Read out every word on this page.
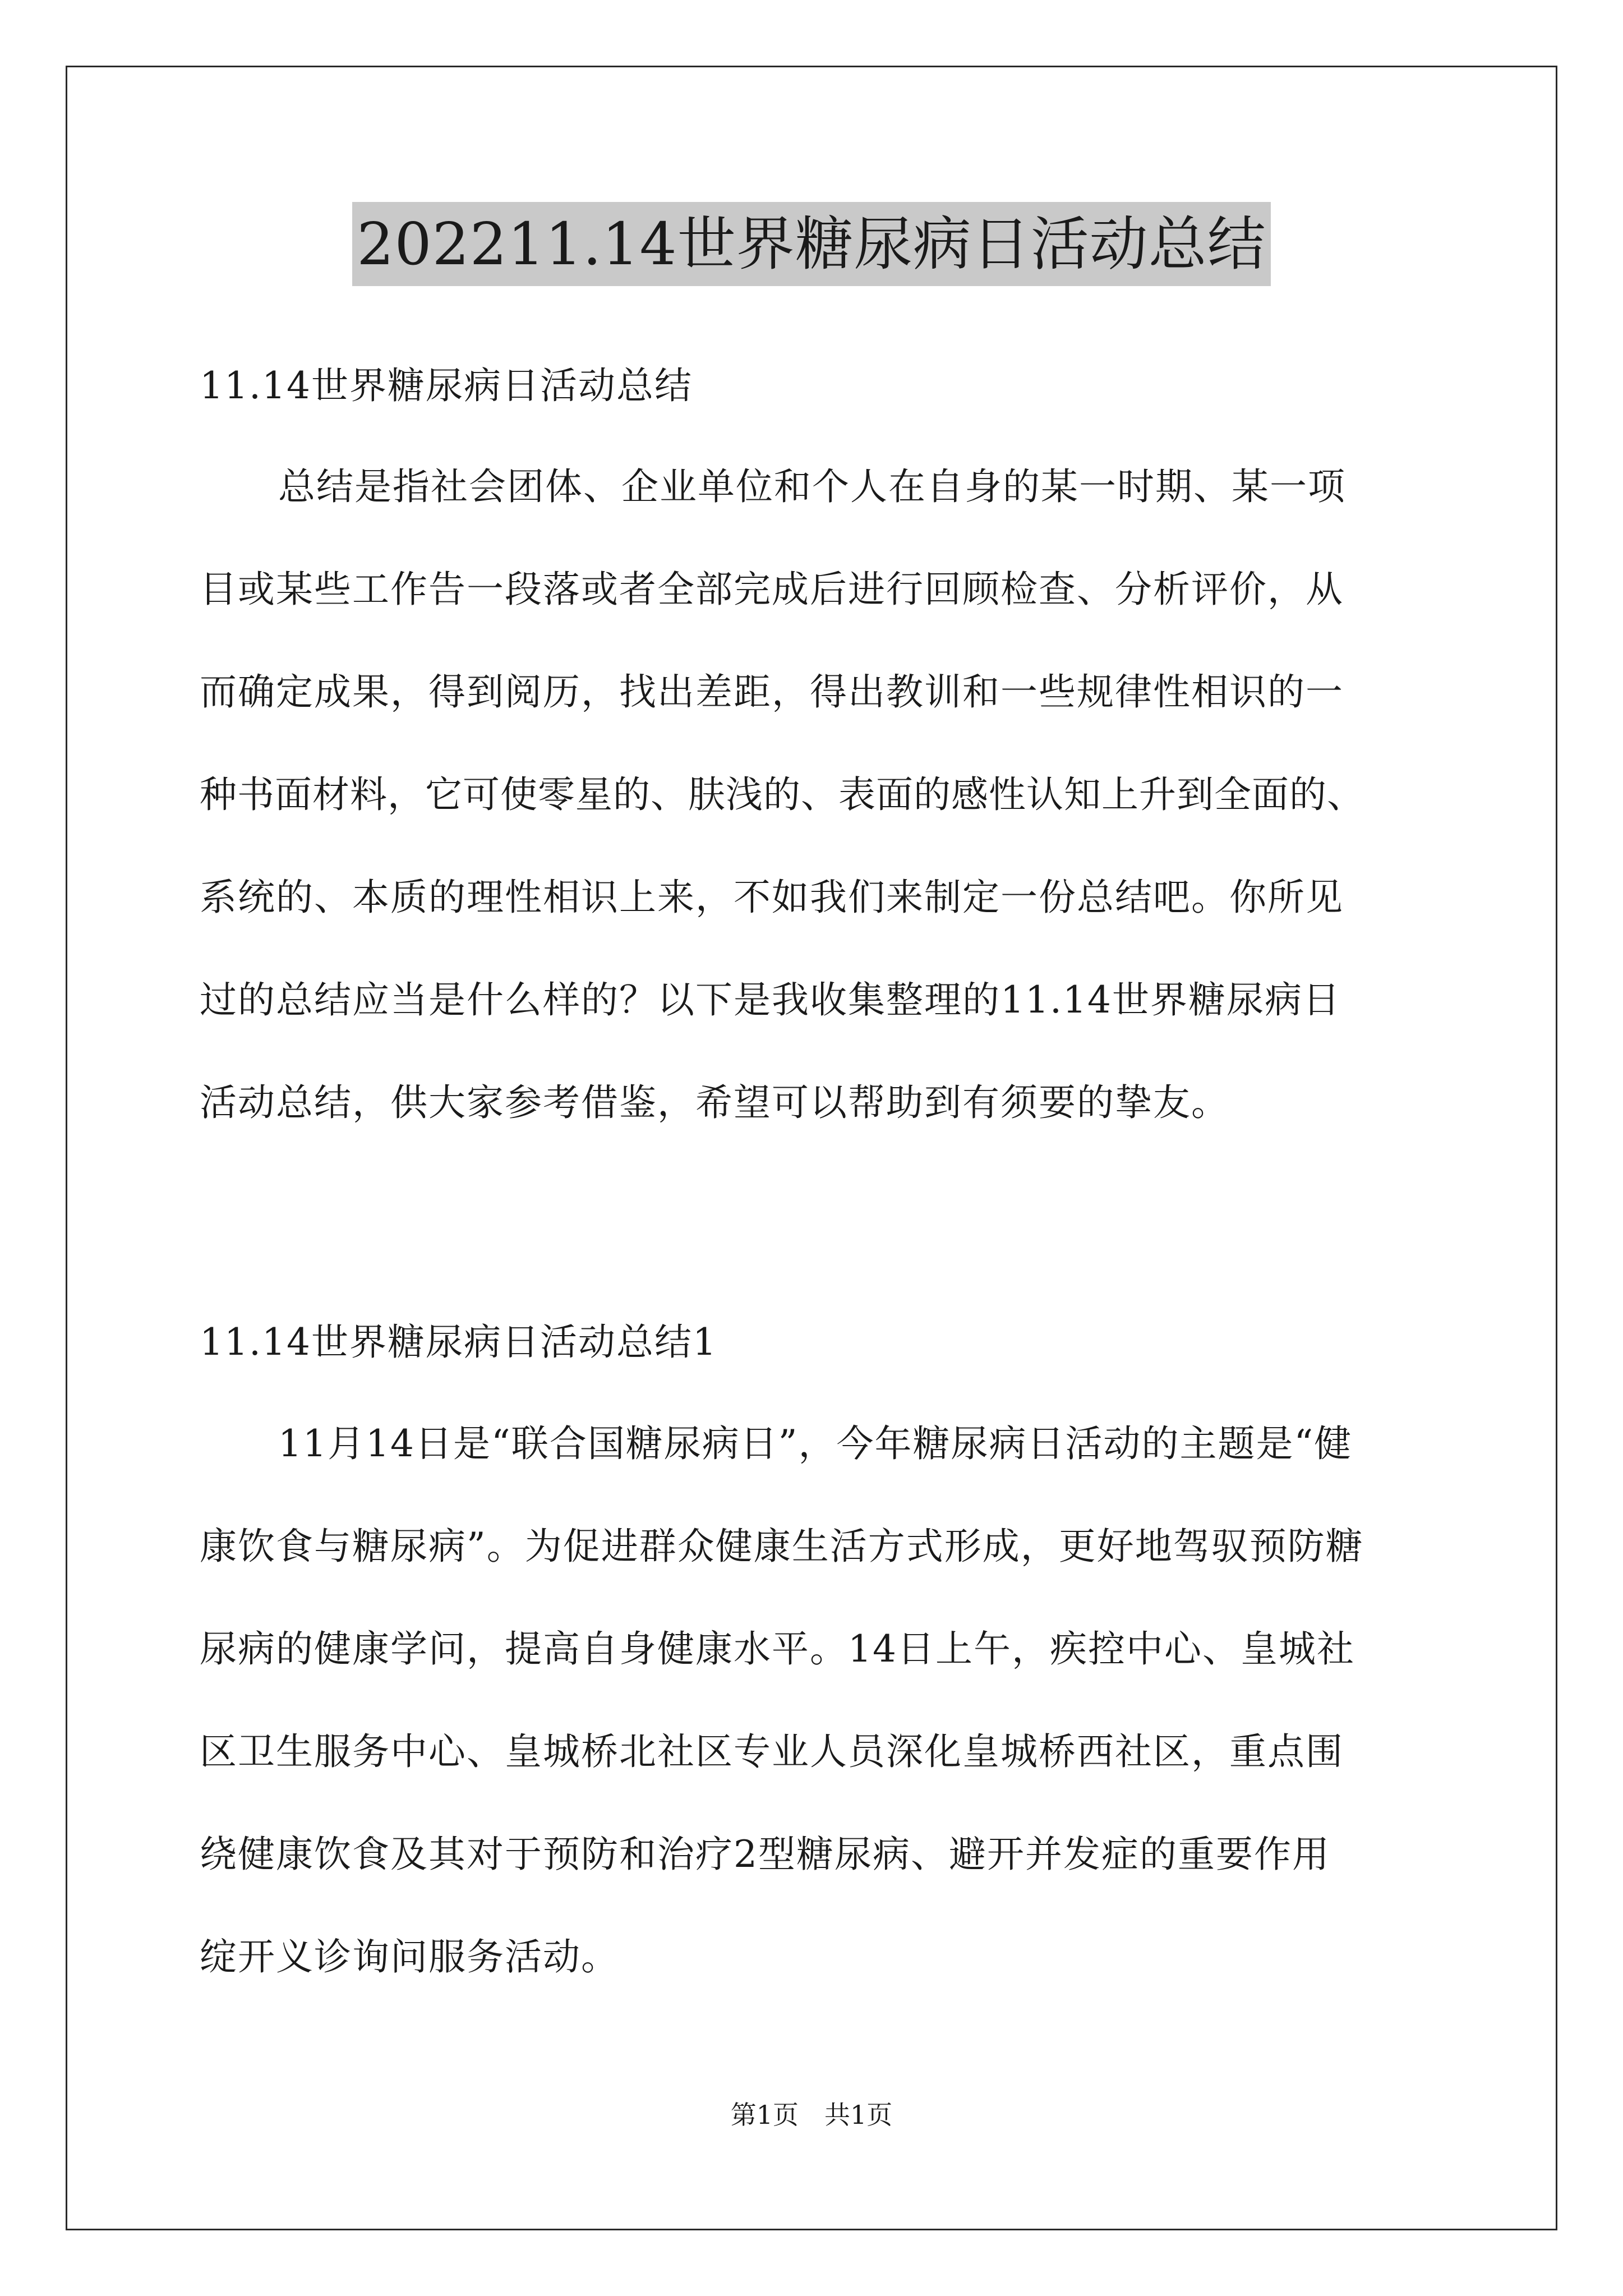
202211.14世界糖尿病日活动总结

11.14世界糖尿病日活动总结

总结是指社会团体、企业单位和个人在自身的某一时期、某一项

目或某些工作告一段落或者全部完成后进行回顾检查、分析评价，从

而确定成果，得到阅历，找出差距，得出教训和一些规律性相识的一

种书面材料，它可使零星的、肤浅的、表面的感性认知上升到全面的、

系统的、本质的理性相识上来，不如我们来制定一份总结吧。你所见

过的总结应当是什么样的？以下是我收集整理的11.14世界糖尿病日

活动总结，供大家参考借鉴，希望可以帮助到有须要的挚友。

11.14世界糖尿病日活动总结1

11月14日是“联合国糖尿病日”，今年糖尿病日活动的主题是“健

康饮食与糖尿病”。为促进群众健康生活方式形成，更好地驾驭预防糖

尿病的健康学问，提高自身健康水平。14日上午，疾控中心、皇城社

区卫生服务中心、皇城桥北社区专业人员深化皇城桥西社区，重点围

绕健康饮食及其对于预防和治疗2型糖尿病、避开并发症的重要作用

绽开义诊询问服务活动。

第1页　共1页
